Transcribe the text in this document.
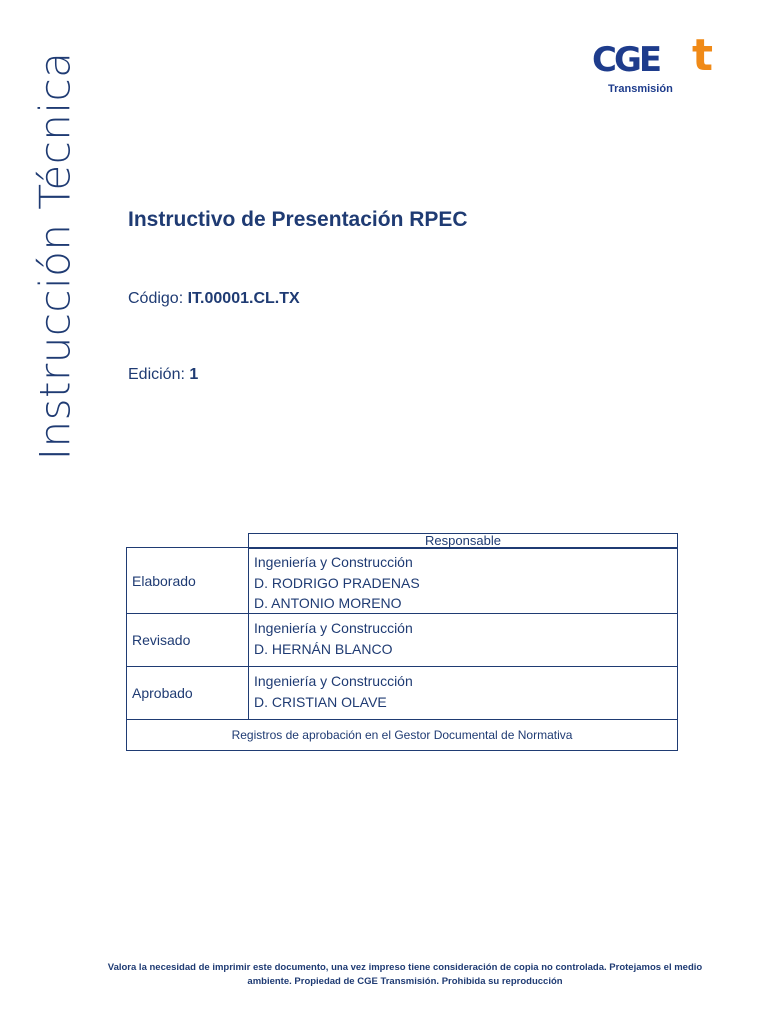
Instrucción Técnica	CGE t
Transmisión
Instructivo de Presentación RPEC
Código: IT.00001.CL.TX
Edición: 1
Responsable
Elaborado
Ingeniería y Construcción
D. RODRIGO PRADENAS
D. ANTONIO MORENO
Revisado
Ingeniería y Construcción
D. HERNÁN BLANCO
Aprobado
Ingeniería y Construcción
D. CRISTIAN OLAVE
Registros de aprobación en el Gestor Documental de Normativa
Valora la necesidad de imprimir este documento, una vez impreso tiene consideración de copia no controlada. Protejamos el medio
ambiente. Propiedad de CGE Transmisión. Prohibida su reproducción
